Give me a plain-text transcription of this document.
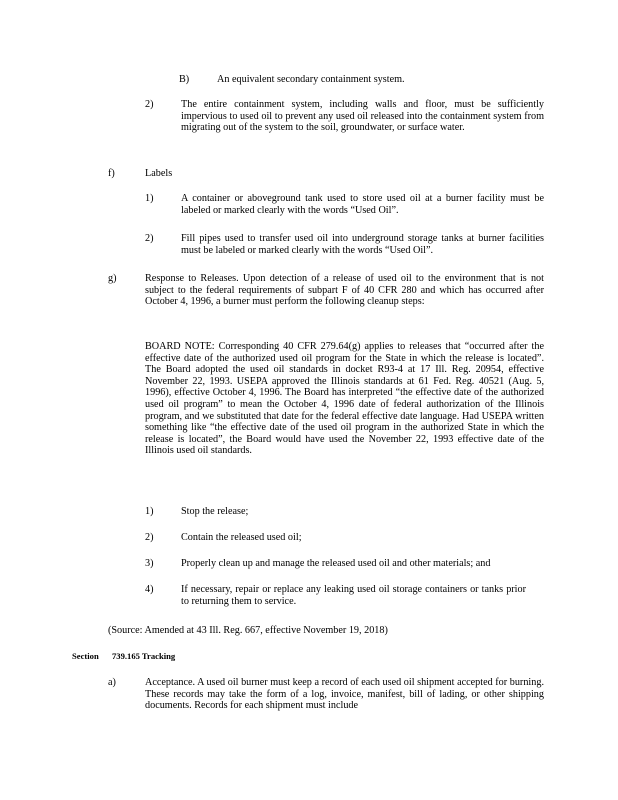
B)	An equivalent secondary containment system.
2)	The entire containment system, including walls and floor, must be sufficiently impervious to used oil to prevent any used oil released into the containment system from migrating out of the system to the soil, groundwater, or surface water.
f)	Labels
1)	A container or aboveground tank used to store used oil at a burner facility must be labeled or marked clearly with the words “Used Oil”.
2)	Fill pipes used to transfer used oil into underground storage tanks at burner facilities must be labeled or marked clearly with the words “Used Oil”.
g)	Response to Releases. Upon detection of a release of used oil to the environment that is not subject to the federal requirements of subpart F of 40 CFR 280 and which has occurred after October 4, 1996, a burner must perform the following cleanup steps:
BOARD NOTE: Corresponding 40 CFR 279.64(g) applies to releases that “occurred after the effective date of the authorized used oil program for the State in which the release is located”. The Board adopted the used oil standards in docket R93-4 at 17 Ill. Reg. 20954, effective November 22, 1993. USEPA approved the Illinois standards at 61 Fed. Reg. 40521 (Aug. 5, 1996), effective October 4, 1996. The Board has interpreted “the effective date of the authorized used oil program” to mean the October 4, 1996 date of federal authorization of the Illinois program, and we substituted that date for the federal effective date language. Had USEPA written something like “the effective date of the used oil program in the authorized State in which the release is located”, the Board would have used the November 22, 1993 effective date of the Illinois used oil standards.
1)	Stop the release;
2)	Contain the released used oil;
3)	Properly clean up and manage the released used oil and other materials; and
4)	If necessary, repair or replace any leaking used oil storage containers or tanks prior to returning them to service.
(Source: Amended at 43 Ill. Reg. 667, effective November 19, 2018)
Section 739.165 Tracking
a)	Acceptance. A used oil burner must keep a record of each used oil shipment accepted for burning. These records may take the form of a log, invoice, manifest, bill of lading, or other shipping documents. Records for each shipment must include
